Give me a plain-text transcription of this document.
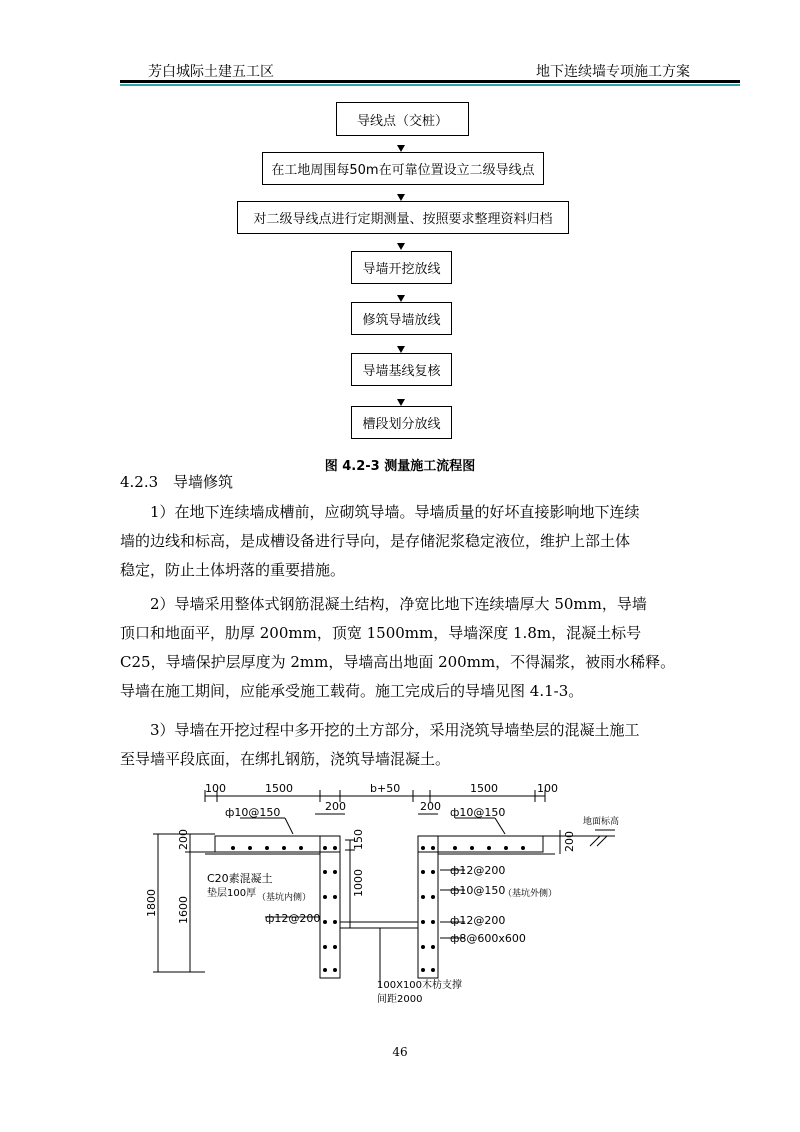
芳白城际土建五工区	地下连续墙专项施工方案
导线点（交桩）
在工地周围每50m在可靠位置设立二级导线点
对二级导线点进行定期测量、按照要求整理资料归档
导墙开挖放线
修筑导墙放线
导墙基线复核
槽段划分放线
图 4.2-3 测量施工流程图
4.2.3 导墙修筑
1）在地下连续墙成槽前，应砌筑导墙。导墙质量的好坏直接影响地下连续
墙的边线和标高，是成槽设备进行导向，是存储泥浆稳定液位，维护上部土体
稳定，防止土体坍落的重要措施。
2）导墙采用整体式钢筋混凝土结构，净宽比地下连续墙厚大 50mm，导墙
顶口和地面平，肋厚 200mm，顶宽 1500mm，导墙深度 1.8m，混凝土标号
C25，导墙保护层厚度为 2mm，导墙高出地面 200mm，不得漏浆，被雨水稀释。
导墙在施工期间，应能承受施工载荷。施工完成后的导墙见图 4.1-3。
3）导墙在开挖过程中多开挖的土方部分，采用浇筑导墙垫层的混凝土施工
至导墙平段底面，在绑扎钢筋，浇筑导墙混凝土。
100	1500
200
b+50
200
1500	100
200
1800 1600
150
1000
200
ф10@150	ф10@150
地面标高
C20素混凝土
垫层100厚 （基坑内侧）	（基坑外侧）
ф12@200
ф12@200
ф10@150
ф12@200
ф8@600x600
100X100木枋支撑
间距2000
46
